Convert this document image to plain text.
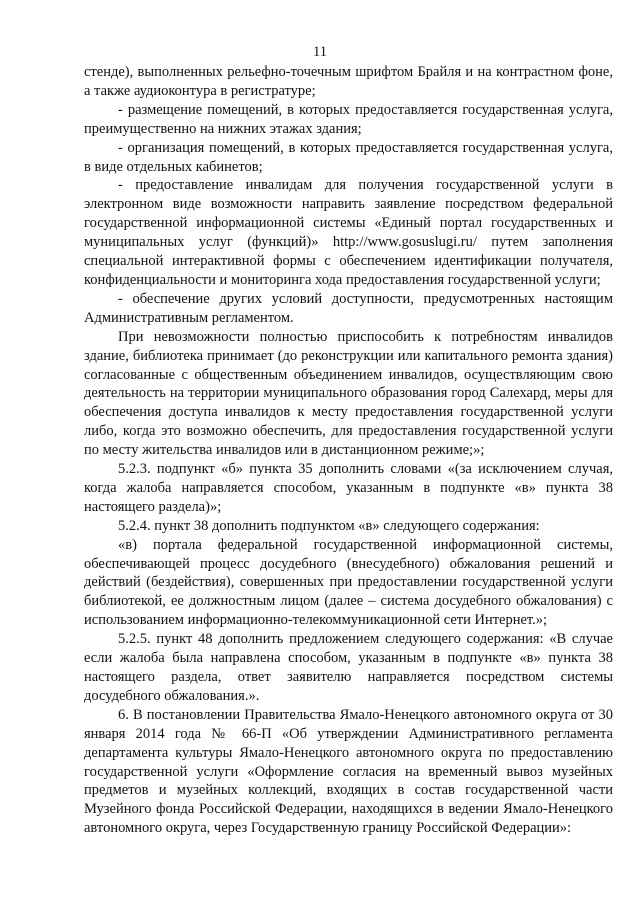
11

стенде), выполненных рельефно-точечным шрифтом Брайля и на контрастном фоне, а также аудиоконтура в регистратуре;

- размещение помещений, в которых предоставляется государственная услуга, преимущественно на нижних этажах здания;

- организация помещений, в которых предоставляется государственная услуга, в виде отдельных кабинетов;

- предоставление инвалидам для получения государственной услуги в электронном виде возможности направить заявление посредством федеральной государственной информационной системы «Единый портал государственных и муниципальных услуг (функций)» http://www.gosuslugi.ru/ путем заполнения специальной интерактивной формы с обеспечением идентификации получателя, конфиденциальности и мониторинга хода предоставления государственной услуги;

- обеспечение других условий доступности, предусмотренных настоящим Административным регламентом.

При невозможности полностью приспособить к потребностям инвалидов здание, библиотека принимает (до реконструкции или капитального ремонта здания) согласованные с общественным объединением инвалидов, осуществляющим свою деятельность на территории муниципального образования город Салехард, меры для обеспечения доступа инвалидов к месту предоставления государственной услуги либо, когда это возможно обеспечить, для предоставления государственной услуги по месту жительства инвалидов или в дистанционном режиме;»;

5.2.3. подпункт «б» пункта 35 дополнить словами «(за исключением случая, когда жалоба направляется способом, указанным в подпункте «в» пункта 38 настоящего раздела)»;

5.2.4. пункт 38 дополнить подпунктом «в» следующего содержания:

«в) портала федеральной государственной информационной системы, обеспечивающей процесс досудебного (внесудебного) обжалования решений и действий (бездействия), совершенных при предоставлении государственной услуги библиотекой, ее должностным лицом (далее – система досудебного обжалования) с использованием информационно-телекоммуникационной сети Интернет.»;

5.2.5. пункт 48 дополнить предложением следующего содержания: «В случае если жалоба была направлена способом, указанным в подпункте «в» пункта 38 настоящего раздела, ответ заявителю направляется посредством системы досудебного обжалования.».

6. В постановлении Правительства Ямало-Ненецкого автономного округа от 30 января 2014 года № 66-П «Об утверждении Административного регламента департамента культуры Ямало-Ненецкого автономного округа по предоставлению государственной услуги «Оформление согласия на временный вывоз музейных предметов и музейных коллекций, входящих в состав государственной части Музейного фонда Российской Федерации, находящихся в ведении Ямало-Ненецкого автономного округа, через Государственную границу Российской Федерации»:
